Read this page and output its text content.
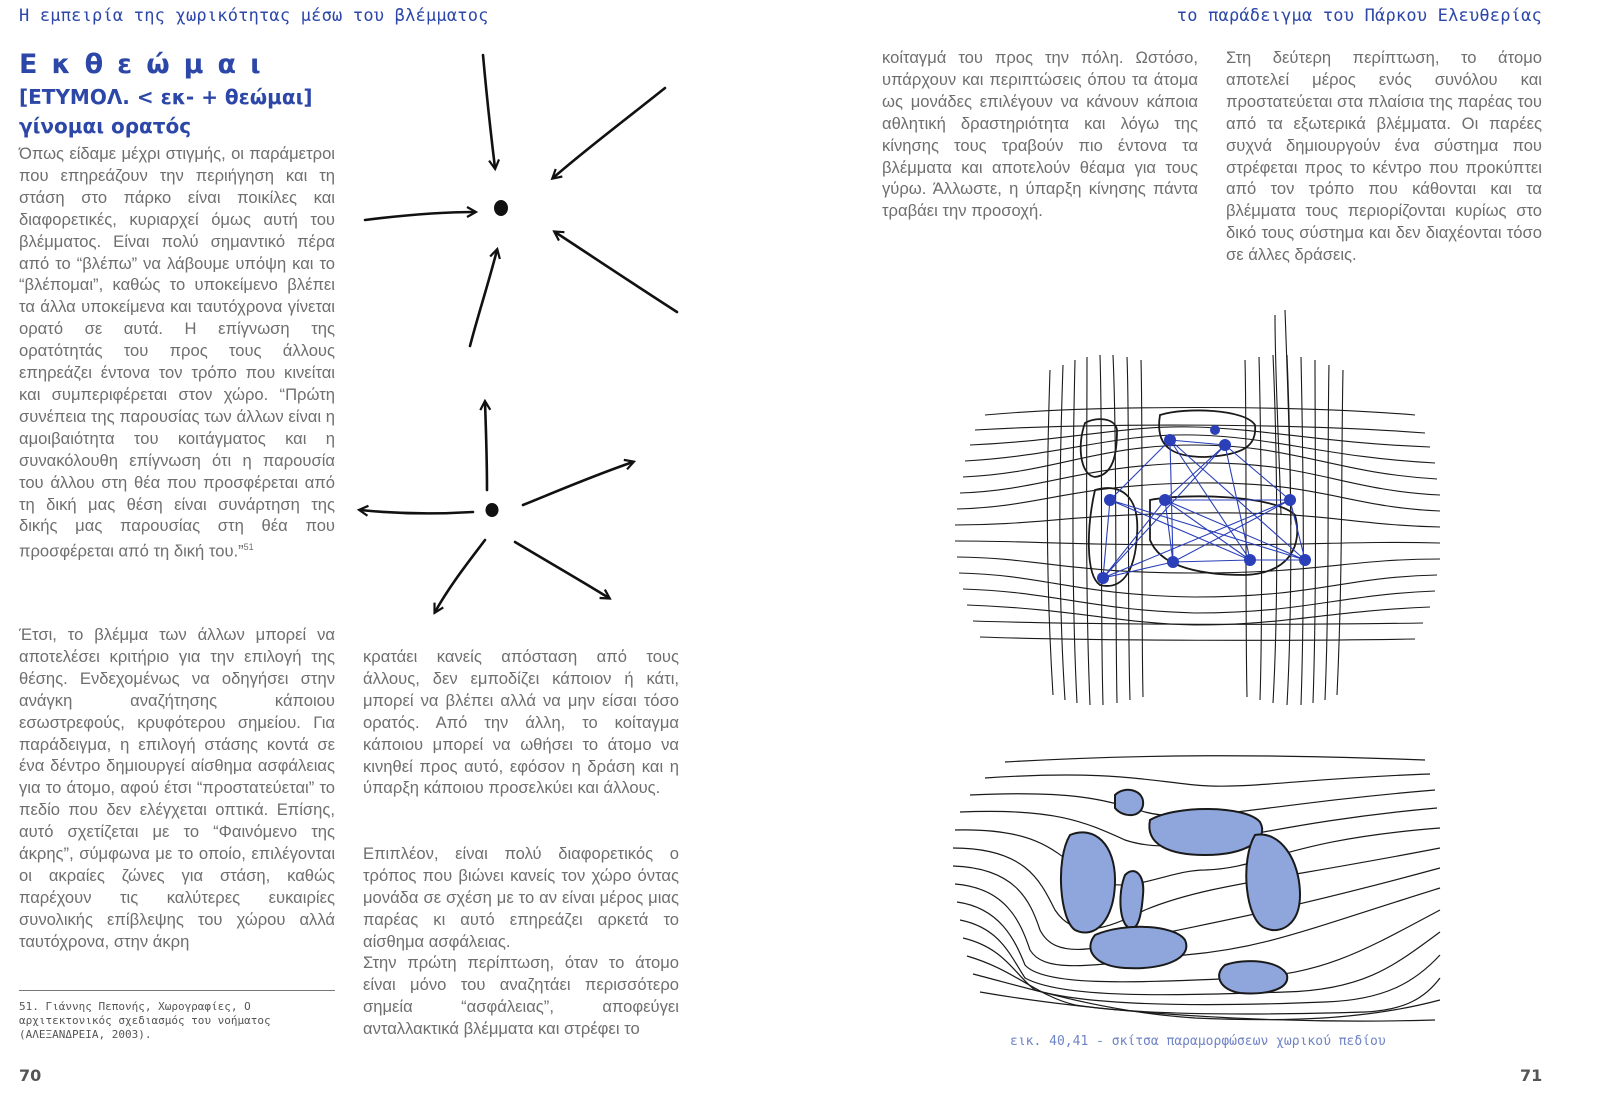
Η εμπειρία της χωρικότητας μέσω του βλέμματος	το παράδειγμα του Πάρκου Ελευθερίας
Εκθεώμαι
[ΕΤΥΜΟΛ. < εκ- + θεώμαι]
γίνομαι ορατός

Όπως είδαμε μέχρι στιγμής, οι παράμετροι που επηρεάζουν την περιήγηση και τη στάση στο πάρκο είναι ποικίλες και διαφορετικές, κυριαρχεί όμως αυτή του βλέμματος. Είναι πολύ σημαντικό πέρα από το “βλέπω” να λάβουμε υπόψη και το “βλέπομαι”, καθώς το υποκείμενο βλέπει τα άλλα υποκείμενα και ταυτόχρονα γίνεται ορατό σε αυτά. Η επίγνωση της ορατότητάς του προς τους άλλους επηρεάζει έντονα τον τρόπο που κινείται και συμπεριφέρεται στον χώρο. “Πρώτη συνέπεια της παρουσίας των άλλων είναι η αμοιβαιότητα του κοιτάγματος και η συνακόλουθη επίγνωση ότι η παρουσία του άλλου στη θέα που προσφέρεται από τη δική μας θέση είναι συνάρτηση της δικής μας παρουσίας στη θέα που προσφέρεται από τη δική του.”$^{51}$

Έτσι, το βλέμμα των άλλων μπορεί να αποτελέσει κριτήριο για την επιλογή της θέσης. Ενδεχομένως να οδηγήσει στην ανάγκη αναζήτησης κάποιου εσωστρεφούς, κρυφότερου σημείου. Για παράδειγμα, η επιλογή στάσης κοντά σε ένα δέντρο δημιουργεί αίσθημα ασφάλειας για το άτομο, αφού έτσι “προστατεύεται” το πεδίο που δεν ελέγχεται οπτικά. Επίσης, αυτό σχετίζεται με το “Φαινόμενο της άκρης”, σύμφωνα με το οποίο, επιλέγονται οι ακραίες ζώνες για στάση, καθώς παρέχουν τις καλύτερες ευκαιρίες συνολικής επίβλεψης του χώρου αλλά ταυτόχρονα, στην άκρη

κρατάει κανείς απόσταση από τους άλλους, δεν εμποδίζει κάποιον ή κάτι, μπορεί να βλέπει αλλά να μην είσαι τόσο ορατός. Από την άλλη, το κοίταγμα κάποιου μπορεί να ωθήσει το άτομο να κινηθεί προς αυτό, εφόσον η δράση και η ύπαρξη κάποιου προσελκύει και άλλους.

Επιπλέον, είναι πολύ διαφορετικός ο τρόπος που βιώνει κανείς τον χώρο όντας μονάδα σε σχέση με το αν είναι μέρος μιας παρέας κι αυτό επηρεάζει αρκετά το αίσθημα ασφάλειας.

Στην πρώτη περίπτωση, όταν το άτομο είναι μόνο του αναζητάει περισσότερο σημεία “ασφάλειας”, αποφεύγει ανταλλακτικά βλέμματα και στρέφει το

51. Γιάννης Πεπονής, Χωρογραφίες, Ο αρχιτεκτονικός σχεδιασμός του νοήματος (ΑΛΕΞΑΝΔΡΕΙΑ, 2003).

κοίταγμά του προς την πόλη. Ωστόσο, υπάρχουν και περιπτώσεις όπου τα άτομα ως μονάδες επιλέγουν να κάνουν κάποια αθλητική δραστηριότητα και λόγω της κίνησης τους τραβούν πιο έντονα τα βλέμματα και αποτελούν θέαμα για τους γύρω. Άλλωστε, η ύπαρξη κίνησης πάντα τραβάει την προσοχή.

Στη δεύτερη περίπτωση, το άτομο αποτελεί μέρος ενός συνόλου και προστατεύεται στα πλαίσια της παρέας του από τα εξωτερικά βλέμματα. Οι παρέες συχνά δημιουργούν ένα σύστημα που στρέφεται προς το κέντρο που προκύπτει από τον τρόπο που κάθονται και τα βλέμματα τους περιορίζονται κυρίως στο δικό τους σύστημα και δεν διαχέονται τόσο σε άλλες δράσεις.

εικ. 40,41 - σκίτσα παραμορφώσεων χωρικού πεδίου
70	71
